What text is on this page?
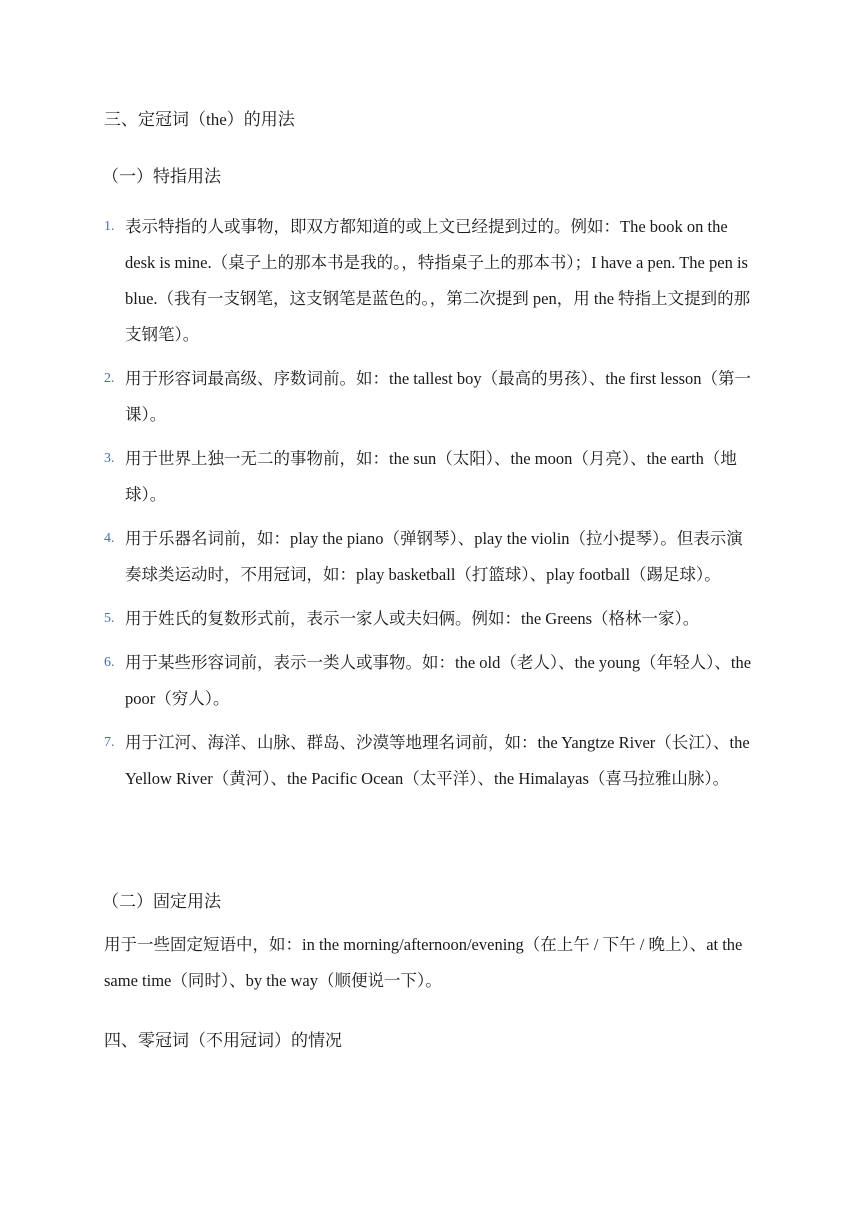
三、定冠词（the）的用法
（一）特指用法
1. 表示特指的人或事物，即双方都知道的或上文已经提到过的。例如：The book on the desk is mine.（桌子上的那本书是我的。，特指桌子上的那本书）；I have a pen. The pen is blue.（我有一支钢笔，这支钢笔是蓝色的。，第二次提到 pen，用 the 特指上文提到的那支钢笔）。
2. 用于形容词最高级、序数词前。如：the tallest boy（最高的男孩）、the first lesson（第一课）。
3. 用于世界上独一无二的事物前，如：the sun（太阳）、the moon（月亮）、the earth（地球）。
4. 用于乐器名词前，如：play the piano（弹钢琴）、play the violin（拉小提琴）。但表示演奏球类运动时，不用冠词，如：play basketball（打篮球）、play football（踢足球）。
5. 用于姓氏的复数形式前，表示一家人或夫妇俩。例如：the Greens（格林一家）。
6. 用于某些形容词前，表示一类人或事物。如：the old（老人）、the young（年轻人）、the poor（穷人）。
7. 用于江河、海洋、山脉、群岛、沙漠等地理名词前，如：the Yangtze River（长江）、the Yellow River（黄河）、the Pacific Ocean（太平洋）、the Himalayas（喜马拉雅山脉）。
（二）固定用法
用于一些固定短语中，如：in the morning/afternoon/evening（在上午 / 下午 / 晚上）、at the same time（同时）、by the way（顺便说一下）。
四、零冠词（不用冠词）的情况
